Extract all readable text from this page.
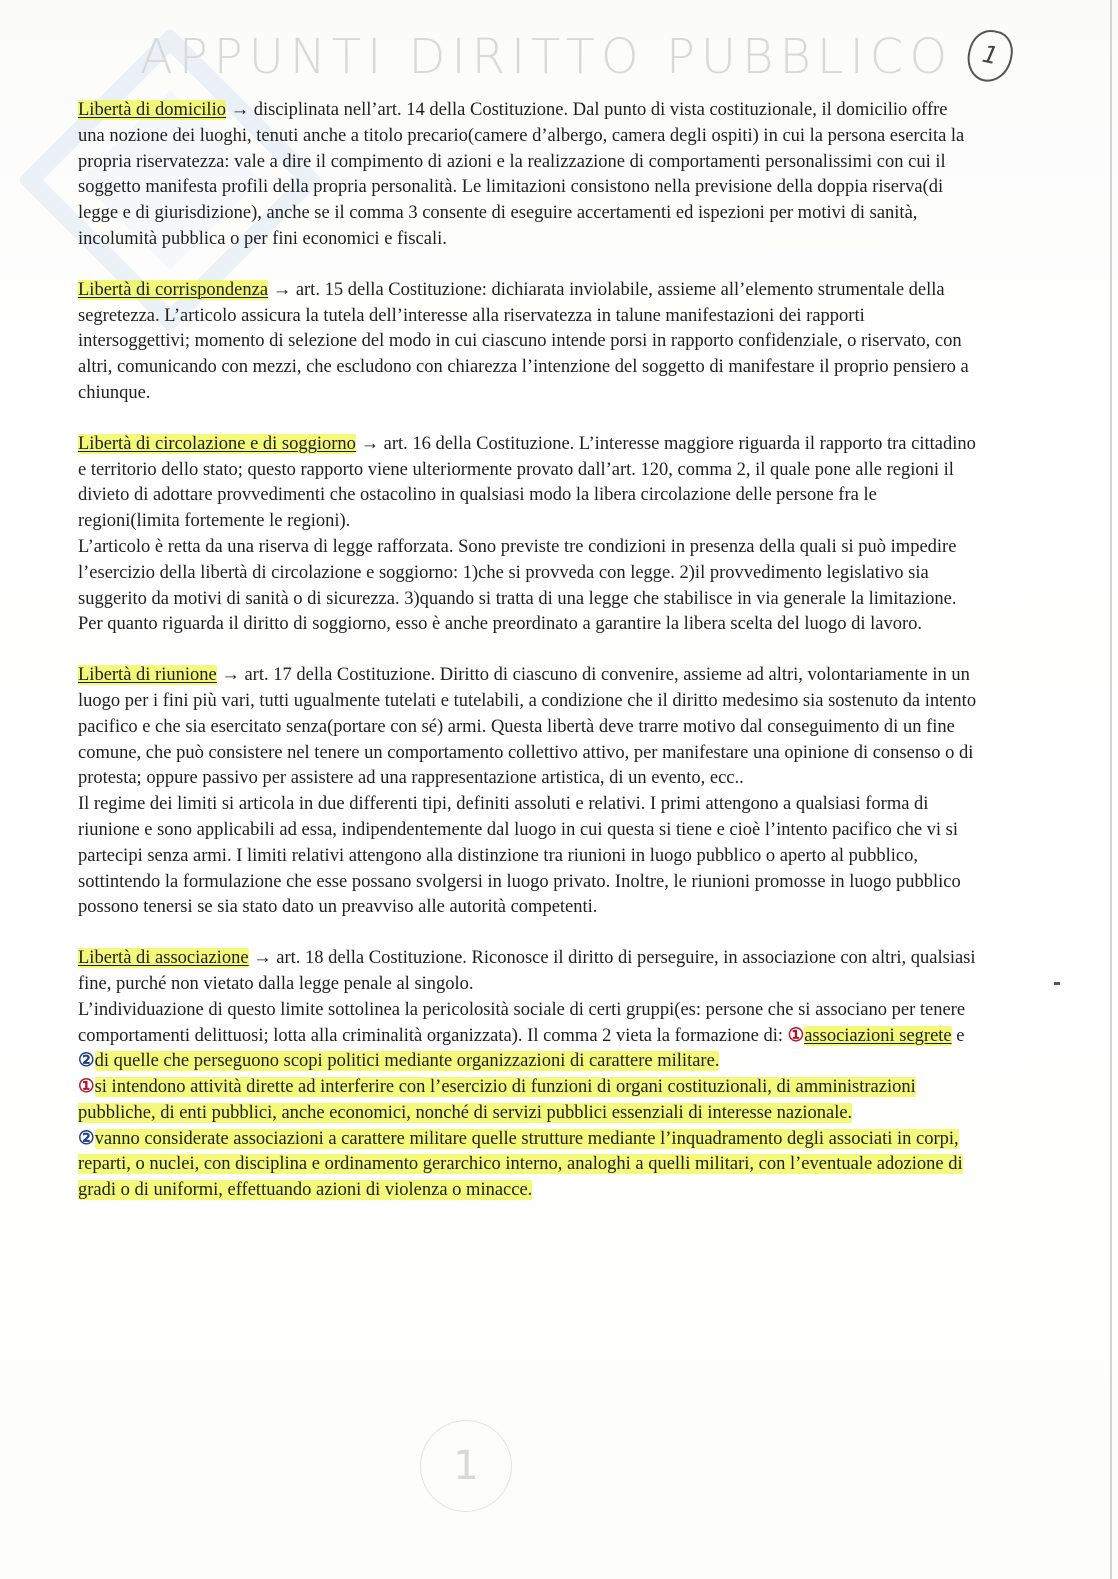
APPUNTI DIRITTO PUBBLICO	1

Libertà di domicilio → disciplinata nell’art. 14 della Costituzione. Dal punto di vista costituzionale, il domicilio offre una nozione dei luoghi, tenuti anche a titolo precario(camere d’albergo, camera degli ospiti) in cui la persona esercita la propria riservatezza: vale a dire il compimento di azioni e la realizzazione di comportamenti personalissimi con cui il soggetto manifesta profili della propria personalità. Le limitazioni consistono nella previsione della doppia riserva(di legge e di giurisdizione), anche se il comma 3 consente di eseguire accertamenti ed ispezioni per motivi di sanità, incolumità pubblica o per fini economici e fiscali.

Libertà di corrispondenza → art. 15 della Costituzione: dichiarata inviolabile, assieme all’elemento strumentale della segretezza. L’articolo assicura la tutela dell’interesse alla riservatezza in talune manifestazioni dei rapporti intersoggettivi; momento di selezione del modo in cui ciascuno intende porsi in rapporto confidenziale, o riservato, con altri, comunicando con mezzi, che escludono con chiarezza l’intenzione del soggetto di manifestare il proprio pensiero a chiunque.

Libertà di circolazione e di soggiorno → art. 16 della Costituzione. L’interesse maggiore riguarda il rapporto tra cittadino e territorio dello stato; questo rapporto viene ulteriormente provato dall’art. 120, comma 2, il quale pone alle regioni il divieto di adottare provvedimenti che ostacolino in qualsiasi modo la libera circolazione delle persone fra le regioni(limita fortemente le regioni).

L’articolo è retta da una riserva di legge rafforzata. Sono previste tre condizioni in presenza della quali si può impedire l’esercizio della libertà di circolazione e soggiorno: 1)che si provveda con legge. 2)il provvedimento legislativo sia suggerito da motivi di sanità o di sicurezza. 3)quando si tratta di una legge che stabilisce in via generale la limitazione.

Per quanto riguarda il diritto di soggiorno, esso è anche preordinato a garantire la libera scelta del luogo di lavoro.

Libertà di riunione → art. 17 della Costituzione. Diritto di ciascuno di convenire, assieme ad altri, volontariamente in un luogo per i fini più vari, tutti ugualmente tutelati e tutelabili, a condizione che il diritto medesimo sia sostenuto da intento pacifico e che sia esercitato senza(portare con sé) armi. Questa libertà deve trarre motivo dal conseguimento di un fine comune, che può consistere nel tenere un comportamento collettivo attivo, per manifestare una opinione di consenso o di protesta; oppure passivo per assistere ad una rappresentazione artistica, di un evento, ecc..

Il regime dei limiti si articola in due differenti tipi, definiti assoluti e relativi. I primi attengono a qualsiasi forma di riunione e sono applicabili ad essa, indipendentemente dal luogo in cui questa si tiene e cioè l’intento pacifico che vi si partecipi senza armi. I limiti relativi attengono alla distinzione tra riunioni in luogo pubblico o aperto al pubblico, sottintendo la formulazione che esse possano svolgersi in luogo privato. Inoltre, le riunioni promosse in luogo pubblico possono tenersi se sia stato dato un preavviso alle autorità competenti.

Libertà di associazione → art. 18 della Costituzione. Riconosce il diritto di perseguire, in associazione con altri, qualsiasi fine, purché non vietato dalla legge penale al singolo.

L’individuazione di questo limite sottolinea la pericolosità sociale di certi gruppi(es: persone che si associano per tenere comportamenti delittuosi; lotta alla criminalità organizzata). Il comma 2 vieta la formazione di: ①associazioni segrete e ②di quelle che perseguono scopi politici mediante organizzazioni di carattere militare.

①si intendono attività dirette ad interferire con l’esercizio di funzioni di organi costituzionali, di amministrazioni pubbliche, di enti pubblici, anche economici, nonché di servizi pubblici essenziali di interesse nazionale.

②vanno considerate associazioni a carattere militare quelle strutture mediante l’inquadramento degli associati in corpi, reparti, o nuclei, con disciplina e ordinamento gerarchico interno, analoghi a quelli militari, con l’eventuale adozione di gradi o di uniformi, effettuando azioni di violenza o minacce.

1
